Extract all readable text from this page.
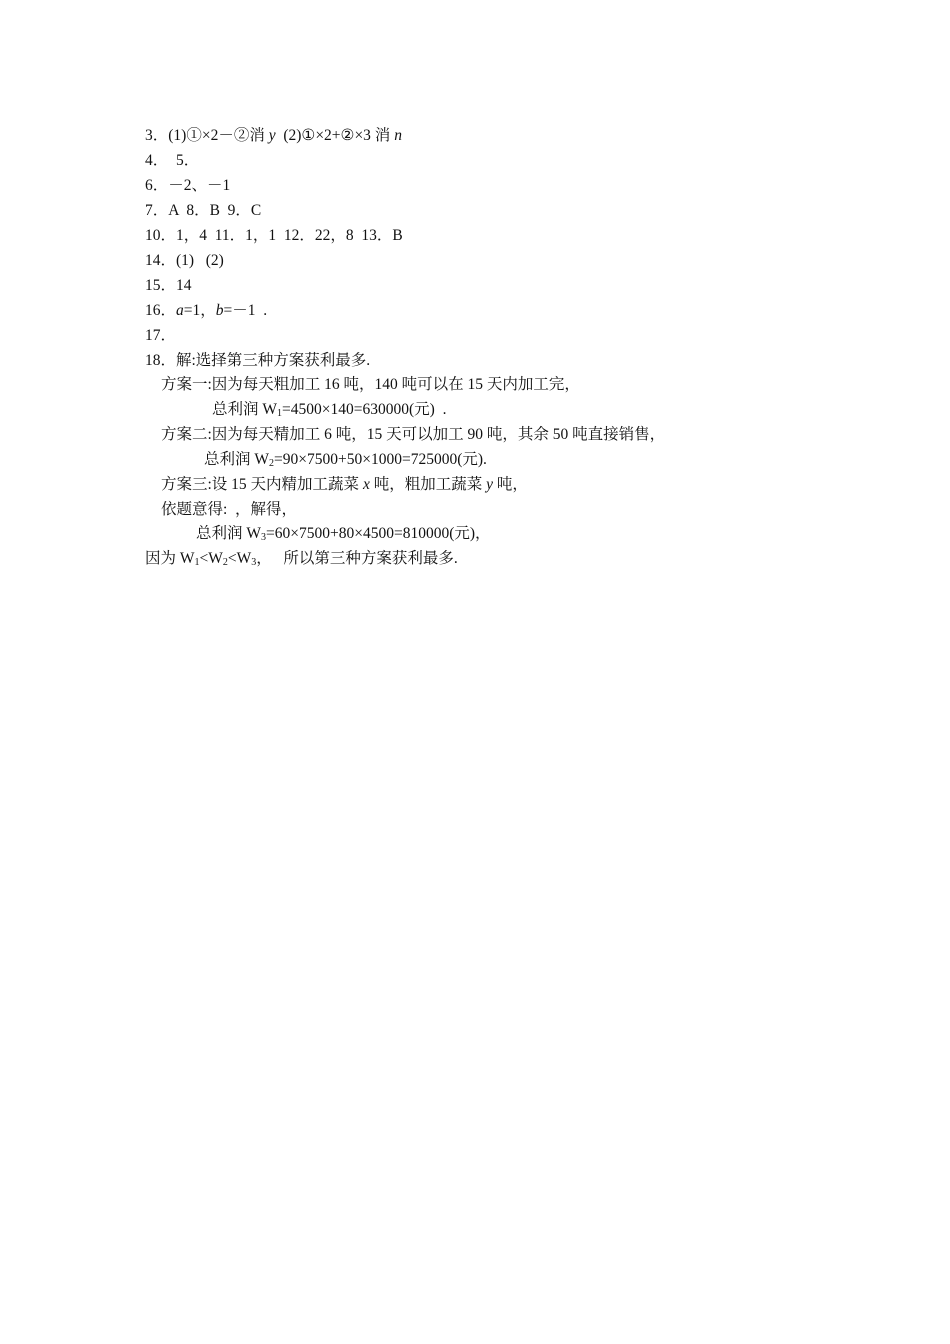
3．(1)①×2－②消 y  (2)①×2+②×3 消 n
4．  5．
6．－2、－1
7．A  8．B  9．C
10．1，4  11．1，1  12．22，8  13．B
14．(1)   (2)
15．14
16．a=1，b=－1  .
17．
18．解:选择第三种方案获利最多.
方案一:因为每天粗加工 16 吨，140 吨可以在 15 天内加工完，
总利润 $W_1=4500\times 140=630000$(元)  .
方案二:因为每天精加工 6 吨，15 天可以加工 90 吨，其余 50 吨直接销售，
总利润 $W_2=90\times 7500+50\times 1000=725000$(元).
方案三:设 15 天内精加工蔬菜 x 吨，粗加工蔬菜 y 吨，
依题意得:  ，解得，
总利润 $W_3=60\times 7500+80\times 4500=810000$(元)，
因为 $W_1<W_2<W_3$，   所以第三种方案获利最多.
